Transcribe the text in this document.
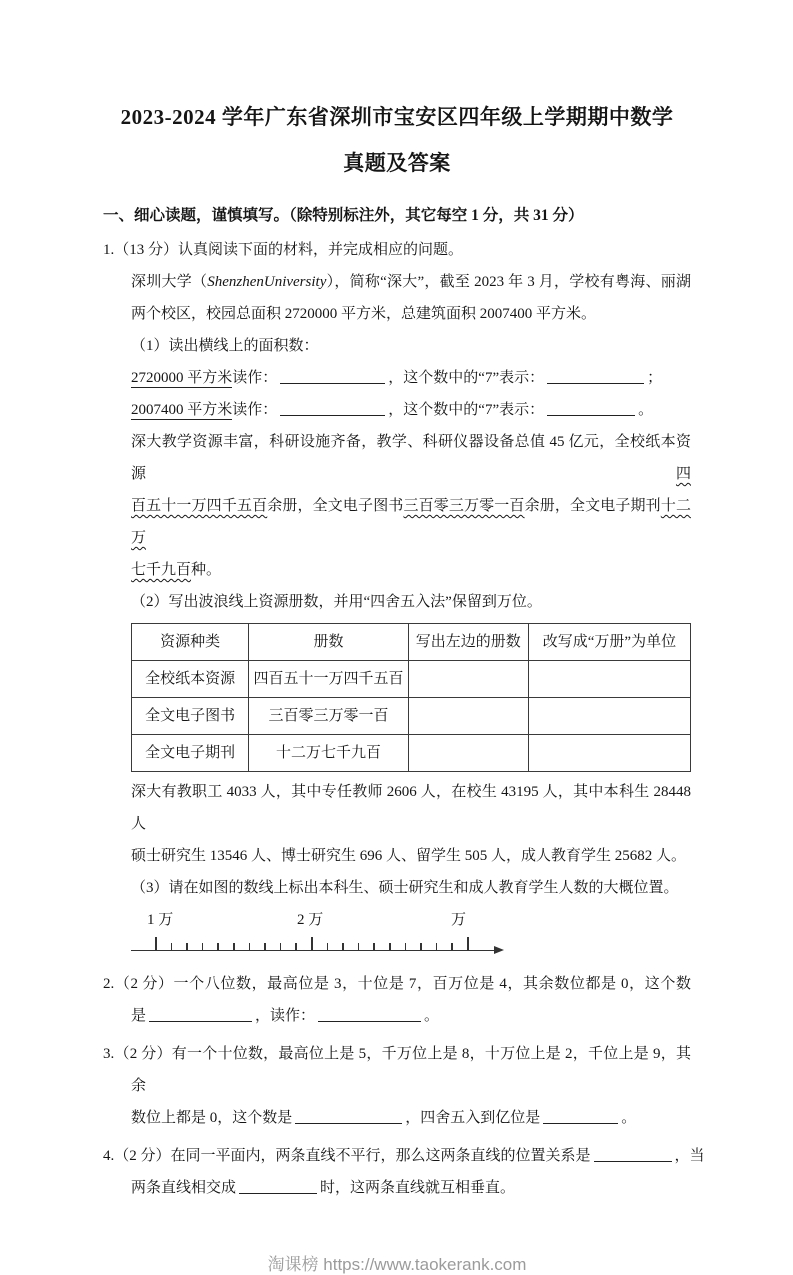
2023-2024 学年广东省深圳市宝安区四年级上学期期中数学
真题及答案
一、细心读题，谨慎填写。（除特别标注外，其它每空 1 分，共 31 分）
1.（13 分）认真阅读下面的材料，并完成相应的问题。
深圳大学（ShenzhenUniversity），简称“深大”，截至 2023 年 3 月，学校有粤海、丽湖
两个校区，校园总面积 2720000 平方米，总建筑面积 2007400 平方米。
（1）读出横线上的面积数：
2720000 平方米读作：	，这个数中的“7”表示：	；
2007400 平方米读作：	，这个数中的“7”表示：	。
深大教学资源丰富，科研设施齐备，教学、科研仪器设备总值 45 亿元，全校纸本资源四
百五十一万四千五百余册，全文电子图书三百零三万零一百余册，全文电子期刊十二万
七千九百种。
（2）写出波浪线上资源册数，并用“四舍五入法”保留到万位。
资源种类	册数	写出左边的册数	改写成“万册”为单位
全校纸本资源	四百五十一万四千五百		
全文电子图书	三百零三万零一百		
全文电子期刊	十二万七千九百		
深大有教职工 4033 人，其中专任教师 2606 人，在校生 43195 人，其中本科生 28448 人
硕士研究生 13546 人、博士研究生 696 人、留学生 505 人，成人教育学生 25682 人。
（3）请在如图的数线上标出本科生、硕士研究生和成人教育学生人数的大概位置。
1 万	2 万	万
2.（2 分）一个八位数，最高位是 3，十位是 7，百万位是 4，其余数位都是 0，这个数
是	，读作：	。
3.（2 分）有一个十位数，最高位上是 5，千万位上是 8，十万位上是 2，千位上是 9，其余
数位上都是 0，这个数是	，四舍五入到亿位是	。
4.（2 分）在同一平面内，两条直线不平行，那么这两条直线的位置关系是	，当
两条直线相交成	时，这两条直线就互相垂直。
淘课榜 https://www.taokerank.com
